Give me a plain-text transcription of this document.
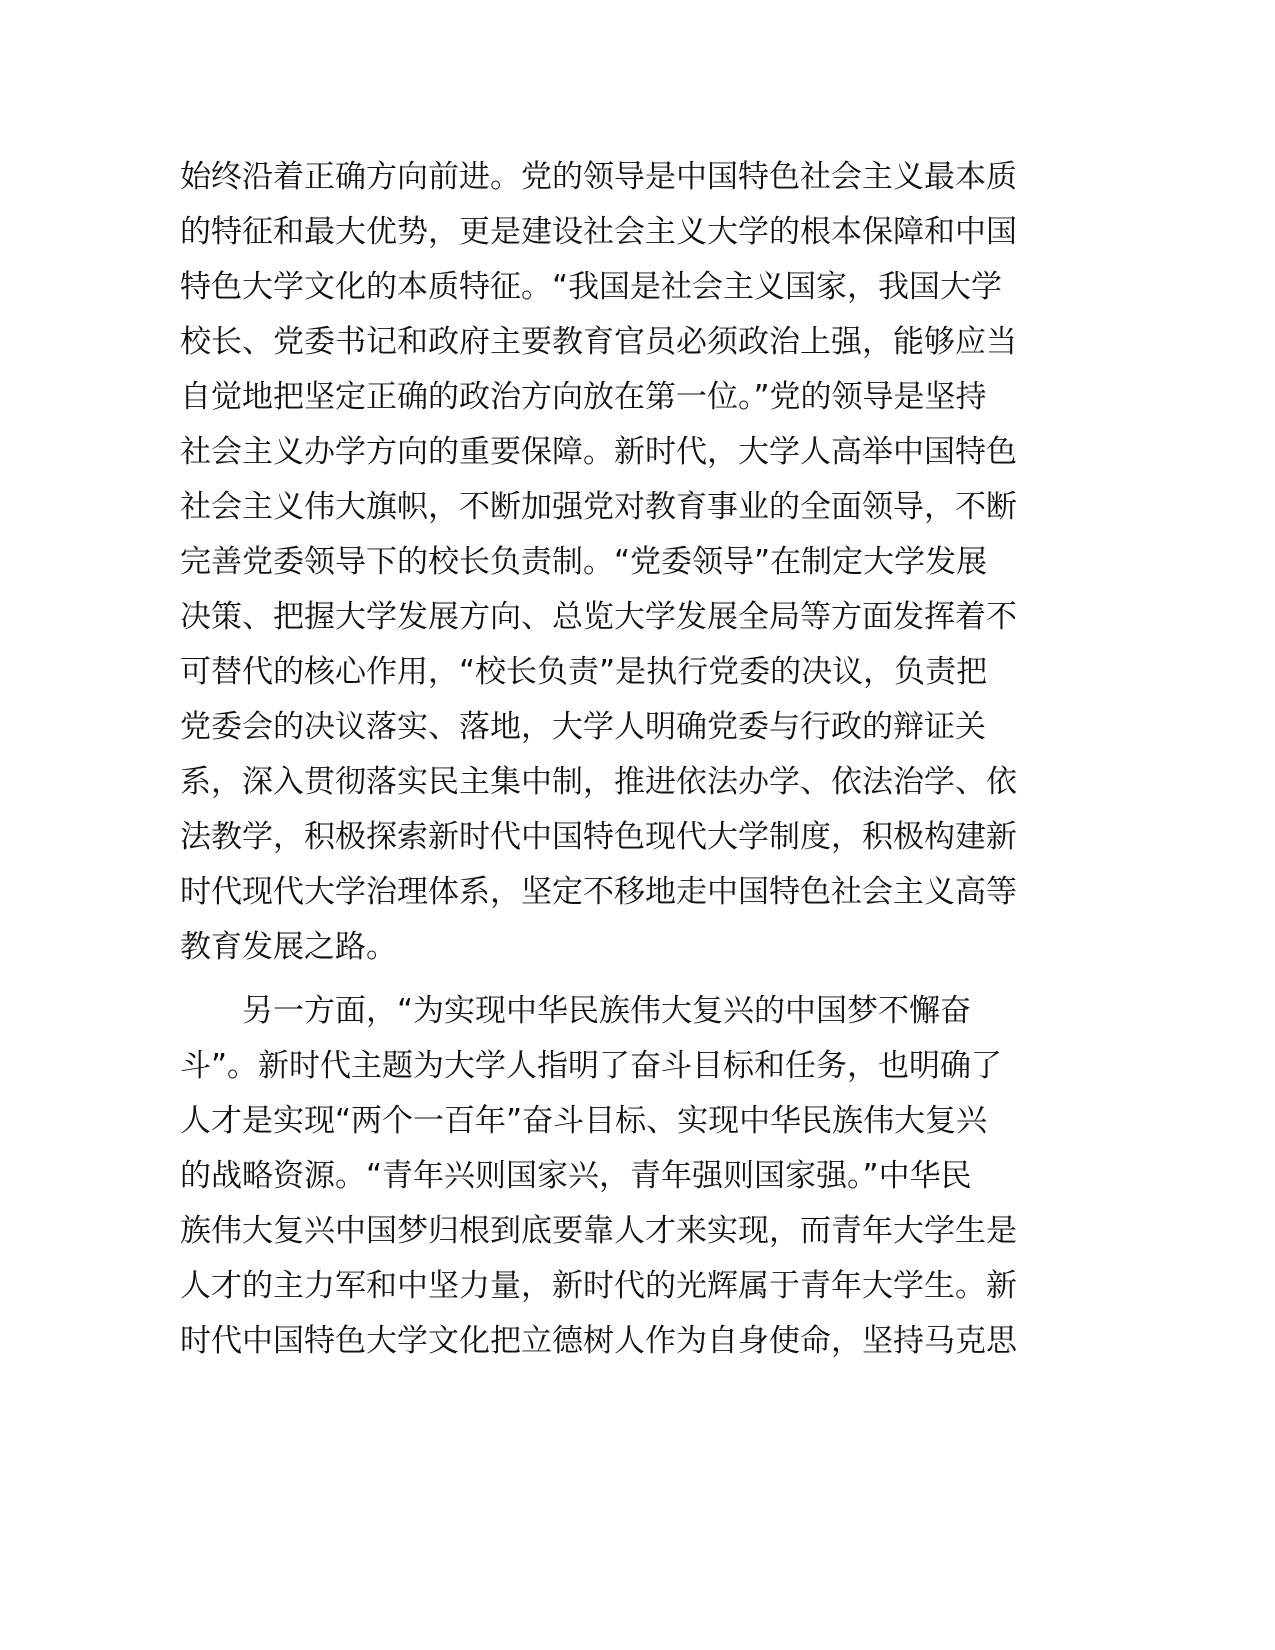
始终沿着正确方向前进。党的领导是中国特色社会主义最本质
的特征和最大优势，更是建设社会主义大学的根本保障和中国
特色大学文化的本质特征。“我国是社会主义国家，我国大学
校长、党委书记和政府主要教育官员必须政治上强，能够应当
自觉地把坚定正确的政治方向放在第一位。”党的领导是坚持
社会主义办学方向的重要保障。新时代，大学人高举中国特色
社会主义伟大旗帜，不断加强党对教育事业的全面领导，不断
完善党委领导下的校长负责制。“党委领导”在制定大学发展
决策、把握大学发展方向、总览大学发展全局等方面发挥着不
可替代的核心作用，“校长负责”是执行党委的决议，负责把
党委会的决议落实、落地，大学人明确党委与行政的辩证关
系，深入贯彻落实民主集中制，推进依法办学、依法治学、依
法教学，积极探索新时代中国特色现代大学制度，积极构建新
时代现代大学治理体系，坚定不移地走中国特色社会主义高等
教育发展之路。
　　另一方面，“为实现中华民族伟大复兴的中国梦不懈奋
斗”。新时代主题为大学人指明了奋斗目标和任务，也明确了
人才是实现“两个一百年”奋斗目标、实现中华民族伟大复兴
的战略资源。“青年兴则国家兴，青年强则国家强。”中华民
族伟大复兴中国梦归根到底要靠人才来实现，而青年大学生是
人才的主力军和中坚力量，新时代的光辉属于青年大学生。新
时代中国特色大学文化把立德树人作为自身使命，坚持马克思
